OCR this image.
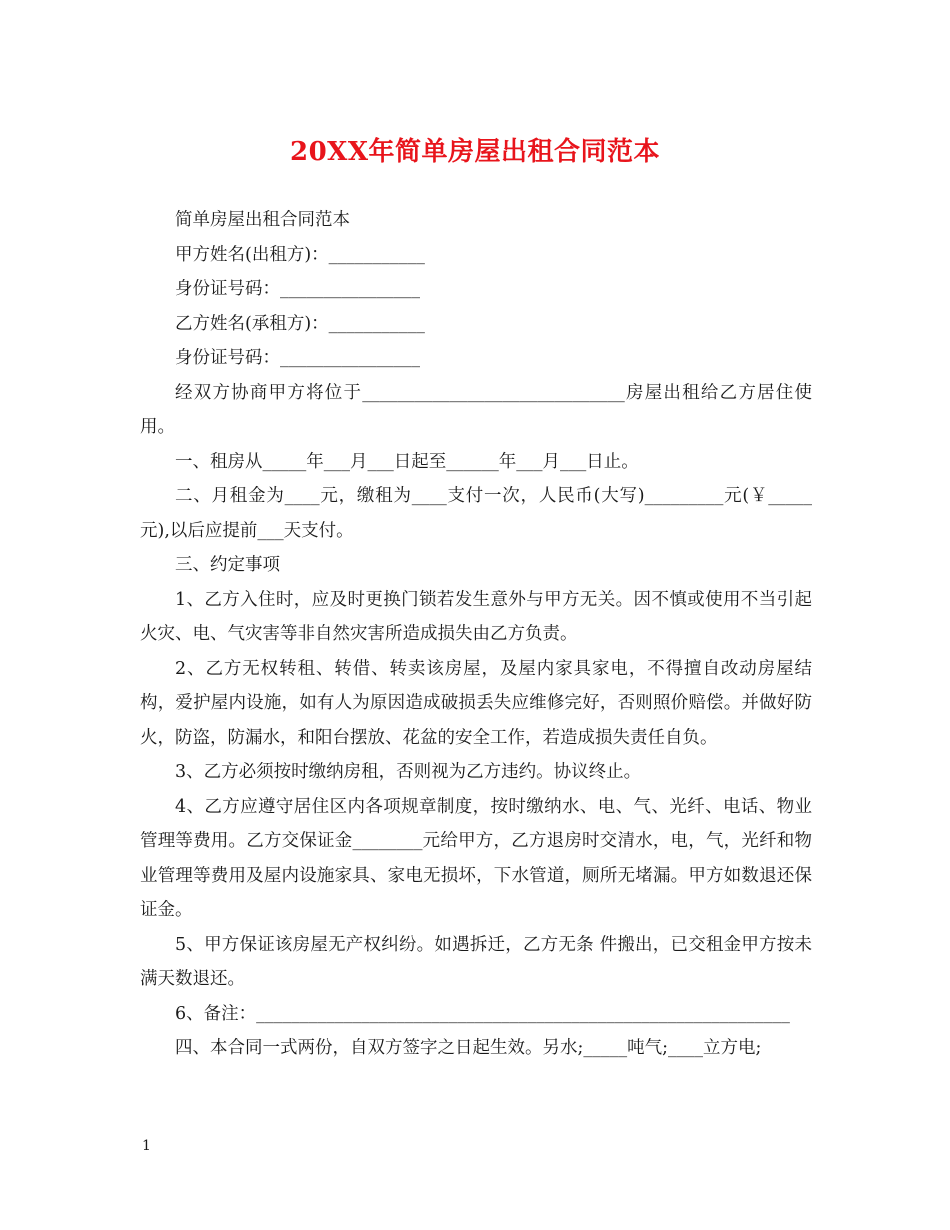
20XX年简单房屋出租合同范本

简单房屋出租合同范本

甲方姓名(出租方)：___________

身份证号码：________________

乙方姓名(承租方)：___________

身份证号码：________________

经双方协商甲方将位于______________________________房屋出租给乙方居住使用。

一、租房从_____年___月___日起至______年___月___日止。

二、月租金为____元，缴租为____支付一次，人民币(大写)_________元(￥_____元),以后应提前___天支付。

三、约定事项

1、乙方入住时，应及时更换门锁若发生意外与甲方无关。因不慎或使用不当引起火灾、电、气灾害等非自然灾害所造成损失由乙方负责。

2、乙方无权转租、转借、转卖该房屋，及屋内家具家电，不得擅自改动房屋结构，爱护屋内设施，如有人为原因造成破损丢失应维修完好，否则照价赔偿。并做好防火，防盗，防漏水，和阳台摆放、花盆的安全工作，若造成损失责任自负。

3、乙方必须按时缴纳房租，否则视为乙方违约。协议终止。

4、乙方应遵守居住区内各项规章制度，按时缴纳水、电、气、光纤、电话、物业管理等费用。乙方交保证金________元给甲方，乙方退房时交清水，电，气，光纤和物业管理等费用及屋内设施家具、家电无损坏，下水管道，厕所无堵漏。甲方如数退还保证金。

5、甲方保证该房屋无产权纠纷。如遇拆迁，乙方无条 件搬出，已交租金甲方按未满天数退还。

6、备注：_____________________________________________________________

四、本合同一式两份，自双方签字之日起生效。另水;_____吨气;____立方电;

1
